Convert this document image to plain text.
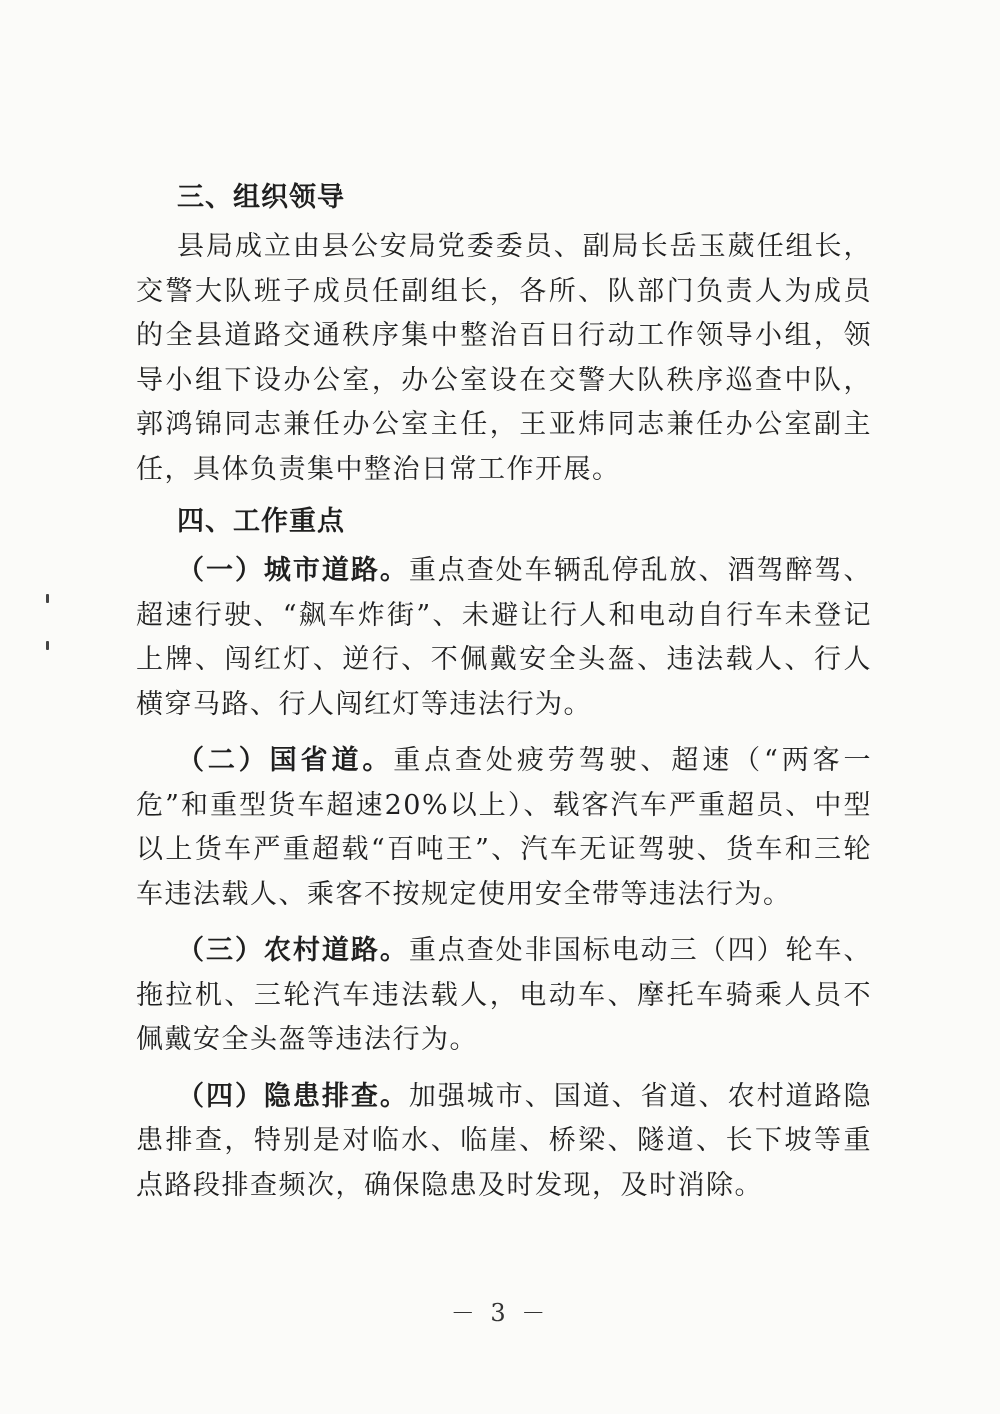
三、组织领导

县局成立由县公安局党委委员、副局长岳玉葳任组长，交警大队班子成员任副组长，各所、队部门负责人为成员的全县道路交通秩序集中整治百日行动工作领导小组，领导小组下设办公室，办公室设在交警大队秩序巡查中队，郭鸿锦同志兼任办公室主任，王亚炜同志兼任办公室副主任，具体负责集中整治日常工作开展。

四、工作重点

（一）城市道路。重点查处车辆乱停乱放、酒驾醉驾、超速行驶、“飙车炸街”、未避让行人和电动自行车未登记上牌、闯红灯、逆行、不佩戴安全头盔、违法载人、行人横穿马路、行人闯红灯等违法行为。

（二）国省道。重点查处疲劳驾驶、超速（“两客一危”和重型货车超速20%以上）、载客汽车严重超员、中型以上货车严重超载“百吨王”、汽车无证驾驶、货车和三轮车违法载人、乘客不按规定使用安全带等违法行为。

（三）农村道路。重点查处非国标电动三（四）轮车、拖拉机、三轮汽车违法载人，电动车、摩托车骑乘人员不佩戴安全头盔等违法行为。

（四）隐患排查。加强城市、国道、省道、农村道路隐患排查，特别是对临水、临崖、桥梁、隧道、长下坡等重点路段排查频次，确保隐患及时发现，及时消除。

－ 3 －
